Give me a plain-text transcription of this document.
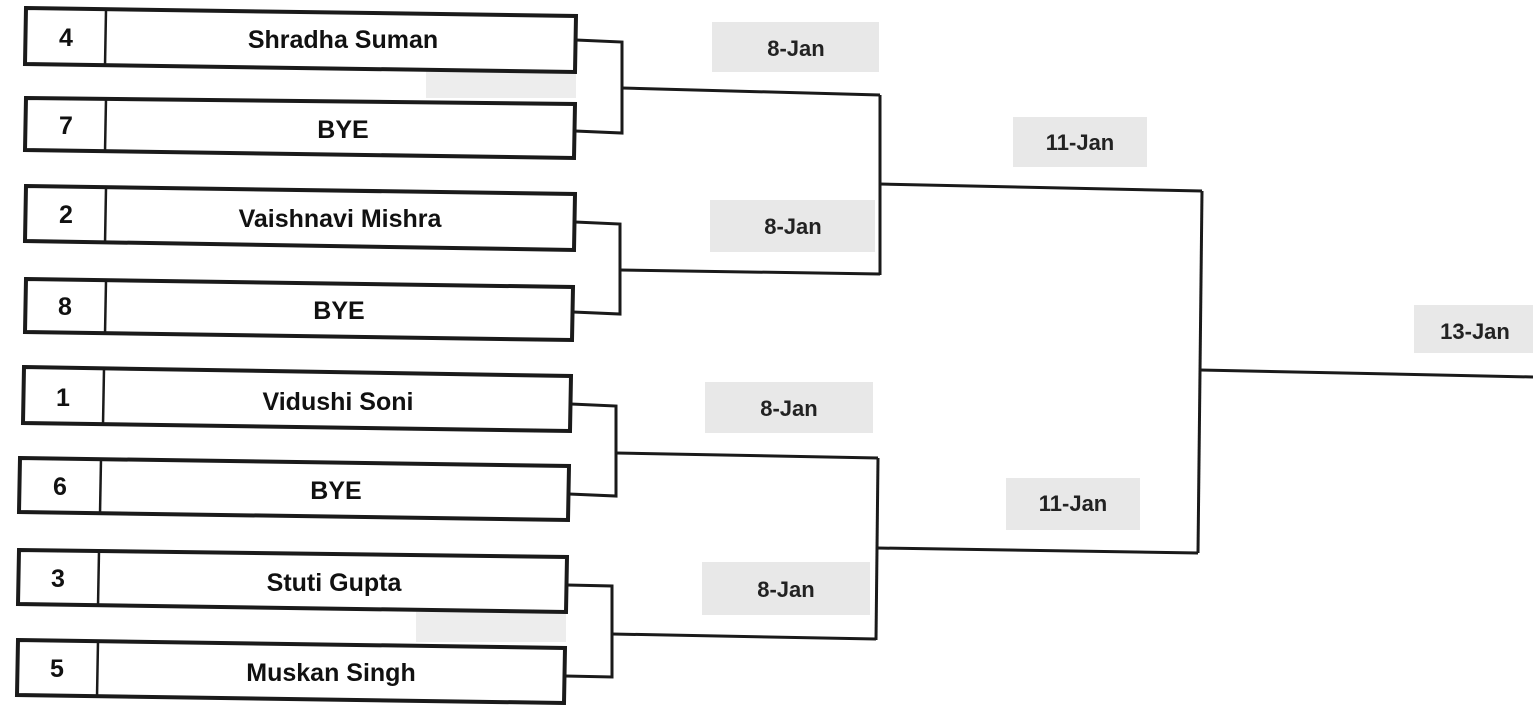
4	Shradha Suman
7	BYE
2	Vaishnavi Mishra
8	BYE
1	Vidushi Soni
6	BYE
3	Stuti Gupta
5	Muskan Singh
8-Jan
8-Jan
8-Jan
8-Jan
11-Jan
11-Jan
13-Jan
